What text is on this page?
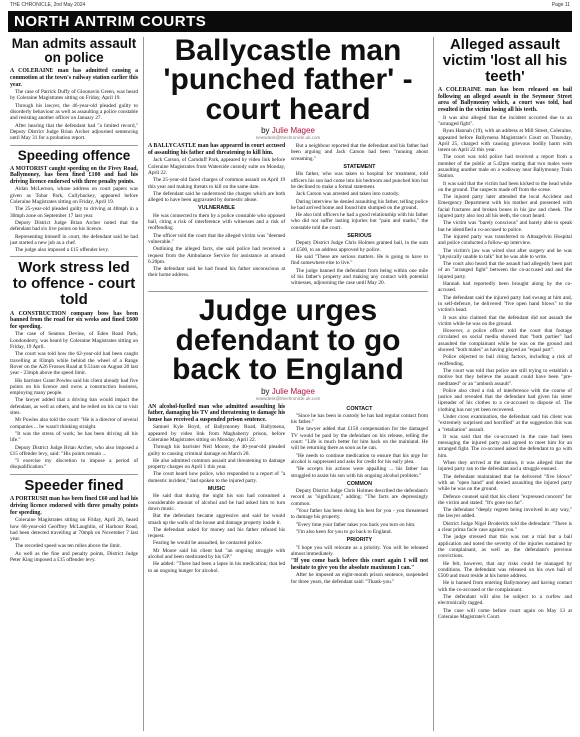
THE CHRONICLE, 2nd May 2024	Page 11
NORTH ANTRIM COURTS
Man admits assault on police

A COLERAINE man has admitted causing a commotion at the town's railway station earlier this year.

The case of Patrick Duffy of Gloonavin Green, was heard by Coleraine Magistrates sitting on Friday, April 19.

Through his lawyer, the 46-year-old pleaded guilty to disorderly behaviour as well as assaulting a police constable and resisting another officer on January 27.

After hearing that the defendant had "a limited record," Deputy District Judge Brian Archer adjourned sentencing until May 31 for a probation report.

Speeding offence

A MOTORIST caught speeding on the Fivey Road, Ballymoney, has been fined £100 and had his driving licence endorsed with three penalty points.

Aidan McLernon, whose address on court papers was given as Tobar Park, Cullybackey, appeared before Coleraine Magistrates sitting on Friday, April 19.

The 25-year-old pleaded guilty to driving at 48mph in a 30mph zone on September 17 last year.

Deputy District Judge Brian Archer noted that the defendant had six live points on his licence.

Representing himself in court, the defendant said he had just started a new job as a chef.

The judge also imposed a £15 offender levy.

Work stress led to offence - court told

A CONSTRUCTION company boss has been banned from the road for six weeks and fined £600 for speeding.

The case of Seamus Devine, of Eden Road Park, Londonderry, was heard by Coleraine Magistrates sitting on Friday, 19 April.

The court was told how the 62-year-old had been caught travelling at 83mph while behind the wheel of a Range Rover on the A26 Frosses Road at 9.51am on August 20 last year - 23mph above the speed limit.

His barrister Grant Powles said his client already had five points on his licence and owns a construction business, employing many people.

The lawyer added that a driving ban would impact the defendant, as well as others, and he relied on his car to visit sites.

Mr Powles also told the court: "He is a director of several companies ... he wasn't thinking straight.

"It was the stress of work; he has been driving all his life."

Deputy District Judge Brian Archer, who also imposed a £15 offender levy, said: "His points remain ...

"I exercise my discretion to impose a period of disqualification."

Speeder fined

A PORTRUSH man has been fined £60 and had his driving licence endorsed with three penalty points for speeding.

Coleraine Magistrates sitting on Friday, April 26, heard how 68-year-old Geoffrey McLaughlin, of Harbour Road, had been detected travelling at 70mph on November 7 last year.

The recorded speed was ten miles above the limit.

As well as the fine and penalty points, District Judge Peter King imposed a £15 offender levy.

Ballycastle man 'punched father' - court heard
by Julie Magee
newsdesk@thechronicle.uk.com

A BALLYCASTLE man has appeared in court accused of assaulting his father and threatening to kill him.

Jack Carson, of Carnduff Park, appeared by video link before Coleraine Magistrates from Waterside custody suite on Monday, April 22.

The 25-year-old faced charges of common assault on April 19 this year and making threats to kill on the same date.

The defendant said he understood the charges which are both alleged to have been aggravated by domestic abuse.

VULNERABLE

He was connected to them by a police constable who opposed bail, citing a risk of interference with witnesses and a risk of reoffending.

The officer told the court that the alleged victim was "deemed vulnerable."

Outlining the alleged facts, she said police had received a request from the Ambulance Service for assistance at around 6.20pm.

The defendant said he had found his father unconscious at their home address.

But a neighbour reported that the defendant and his father had been arguing and Jack Carson had been "running about screaming."

STATEMENT

His father, who was taken to hospital for treatment, told officers his son had come into his bedroom and punched him but he declined to make a formal statement.

Jack Carson was arrested and taken into custody.

During interview he denied assaulting his father, telling police he had arrived home and found him slumped on the ground.

He also told officers he had a good relationship with his father who did not suffer lasting injuries but "pain and marks," the constable told the court.

SERIOUS

Deputy District Judge Chris Holmes granted bail, in the sum of £500, to an address approved by police.

He said "These are serious matters. He is going to have to find somewhere else to live."

The judge banned the defendant from being within one mile of his father's property and making any contact with potential witnesses, adjourning the case until May 20.

Judge urges defendant to go back to England
by Julie Magee
newsdesk@thechronicle.uk.com

AN alcohol-fuelled man who admitted assaulting his father, damaging his TV and threatening to damage his house has received a suspended prison sentence.

Samuel Kyle Boyd, of Ballymoney Road, Ballymena, appeared by video link from Maghaberry prison, before Coleraine Magistrates sitting on Monday, April 22.

Through his barrister Neil Moore, the 40-year-old pleaded guilty to causing criminal damage on March 28.

He also admitted common assault and threatening to damage property charges on April 1 this year.

The court heard how police, who responded to a report of "a domestic incident," had spoken to the injured party.

MUSIC

He said that during the night his son had consumed a considerable amount of alcohol and he had asked him to turn down music.

But the defendant became aggressive and said he would smash up the walls of the house and damage property inside it.

The defendant asked for money and his father refused his request.

Fearing he would be assaulted, he contacted police.

Mr Moore said his client had "an ongoing struggle with alcohol and been medicated by his GP."

He added: "There had been a lapse in his medication; that led to an ongoing hunger for alcohol.

CONTACT

"Since he has been in custody he has had regular contact from his father."

The lawyer added that £150 compensation for the damaged TV would be paid by the defendant on his release, telling the court: "Life is much better for him back on the mainland. He will be returning there as soon as he can.

"He needs to continue medication to ensure that his urge for alcohol is suppressed and asks for credit for his early plea.

"He accepts his actions were appalling ... his father has struggled to assist his son with his ongoing alcohol problem."

COMMON

Deputy District Judge Chris Holmes described the defendant's record as "significant," adding: "The facts are depressingly common.

"Your father has been doing his best for you - you threatened to damage his property.

"Every time your father takes you back you turn on him.

"I'm also keen for you to go back to England.

PRIORITY

"I hope you will relocate as a priority. You will be released almost immediately.

"If you come back before this court again I will not hesitate to give you the absolute maximum I can."

After he imposed an eight-month prison sentence, suspended for three years, the defendant said: "Thank-you."

Alleged assault victim 'lost all his teeth'

A COLERAINE man has been released on bail following an alleged assault in the Seymour Street area of Ballymoney which, a court was told, had resulted in the victim losing all his teeth.

It was also alleged that the incident occurred due to an "arranged fight".

Ryan Hannah (19), with an address at Mill Street, Coleraine, appeared before Ballymena Magistrate's Court on Thursday, April 25, charged with causing grievous bodily harm with intent on April 22 this year.

The court was told police had received a report from a member of the public at 5.42pm stating that two males were assaulting another male on a walkway near Ballymoney Train Station.

It was said that the victim had been kicked to the head while on the ground. The suspects made off from the scene.

The injured party later attended the local Accident and Emergency Department with his mother and presented with facial fractures and broken bones in his jaw and cheek. The injured party also lost all his teeth, the court heard.

The victim was "barely conscious" and barely able to speak but he identified a co-accused to police.

The injured party was transferred to Altnagelvin Hospital and police conducted a follow-up interview.

The victim's jaw was wired shut after surgery and he was "physically unable to talk" but he was able to write.

The court also heard that the assault had allegedly been part of an "arranged fight" between the co-accused and and the injured party.

Hannah had reportedly been brought along by the co-accused.

The defendant said the injured party had swung at him and, in self-defence, he delivered "five open hand blows" to the victim's head.

It was also claimed that the defendant did not assault the victim while he was on the ground.

However, a police officer told the court that footage circulated on social media showed that "both parties" had assaulted the complainant while he was on the ground and showed "both males" as having played an "equal part".

Police objected to bail citing factors, including a risk of reoffending.

The court was told that police are still trying to establish a motive but they believe the assault could have been "pre-meditated" or an "ambush assault".

Police also cited a risk of interference with the course of justice and revealed that the defendant had given his sister lipreader of his clothes to a co-accused to dispose of. The clothing has not yet been recovered.

Under cross examination, the defendant said his client was "extremely surprised and horrified" at the suggestion this was a "retaliation" assault.

It was said that the co-accused in the case had been messaging the injured party and agreed to meet him for an arranged fight. The co-accused asked the defendant to go with him.

When they arrived at the station, it was alleged that the injured party ran to the defendant and a struggle ensued.

The defendant maintained that he delivered "five blows" with an "open hand" and denied assaulting the injured party while he was on the ground.

Defence counsel said that his client "expressed concern" for the victim and stated: "It's gone too far".

The defendant "deeply regrets being involved in any way," the lawyer added.

District Judge Nigel Broderick told the defendant: "There is a clear prima facie case against you."

The judge stressed that this was not a trial but a bail application and noted the severity of the injuries sustained by the complainant, as well as the defendant's previous convictions.

He felt, however, that any risks could be managed by conditions. The defendant was released on his own bail of £500 and must reside at his home address.

He is banned from entering Ballymoney and having contact with the co-accused or the complainant.

The defendant will also be subject to a curfew and electronically tagged.

The case will come before court again on May 13 at Coleraine Magistrate's Court.
